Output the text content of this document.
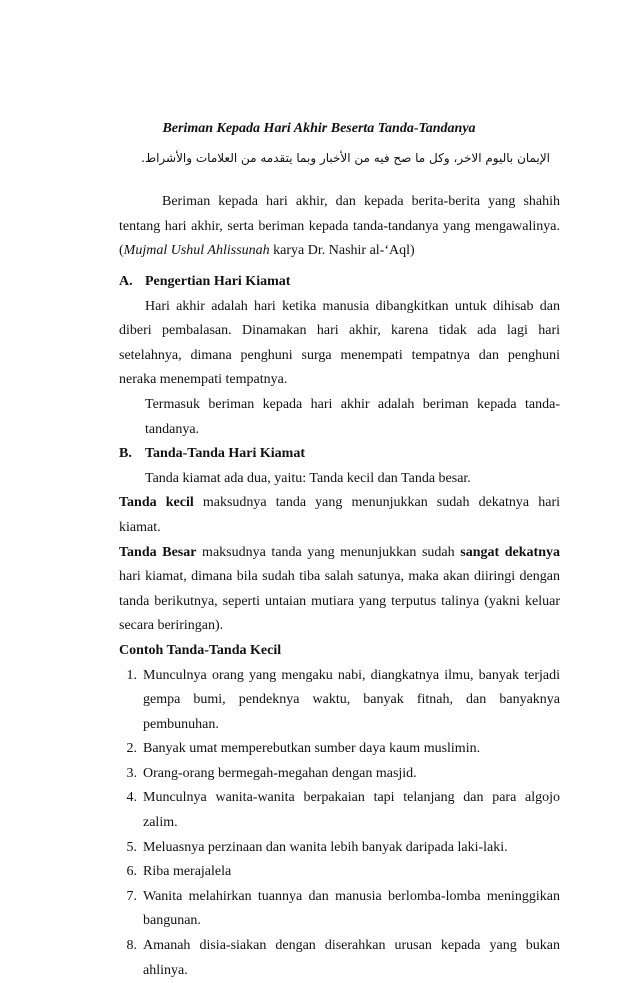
Beriman Kepada Hari Akhir Beserta Tanda-Tandanya
الإيمان باليوم الاخر، وكل ما صح فيه من الأخبار وبما يتقدمه من العلامات والأشراط.

Beriman kepada hari akhir, dan kepada berita-berita yang shahih tentang hari akhir, serta beriman kepada tanda-tandanya yang mengawalinya. (Mujmal Ushul Ahlissunah karya Dr. Nashir al-‘Aql)

A. Pengertian Hari Kiamat

Hari akhir adalah hari ketika manusia dibangkitkan untuk dihisab dan diberi pembalasan. Dinamakan hari akhir, karena tidak ada lagi hari setelahnya, dimana penghuni surga menempati tempatnya dan penghuni neraka menempati tempatnya.

Termasuk beriman kepada hari akhir adalah beriman kepada tanda-tandanya.

B. Tanda-Tanda Hari Kiamat

Tanda kiamat ada dua, yaitu: Tanda kecil dan Tanda besar.

Tanda kecil maksudnya tanda yang menunjukkan sudah dekatnya hari kiamat.

Tanda Besar maksudnya tanda yang menunjukkan sudah sangat dekatnya hari kiamat, dimana bila sudah tiba salah satunya, maka akan diiringi dengan tanda berikutnya, seperti untaian mutiara yang terputus talinya (yakni keluar secara beriringan).

Contoh Tanda-Tanda Kecil

1. Munculnya orang yang mengaku nabi, diangkatnya ilmu, banyak terjadi gempa bumi, pendeknya waktu, banyak fitnah, dan banyaknya pembunuhan.
2. Banyak umat memperebutkan sumber daya kaum muslimin.
3. Orang-orang bermegah-megahan dengan masjid.
4. Munculnya wanita-wanita berpakaian tapi telanjang dan para algojo zalim.
5. Meluasnya perzinaan dan wanita lebih banyak daripada laki-laki.
6. Riba merajalela
7. Wanita melahirkan tuannya dan manusia berlomba-lomba meninggikan bangunan.
8. Amanah disia-siakan dengan diserahkan urusan kepada yang bukan ahlinya.
